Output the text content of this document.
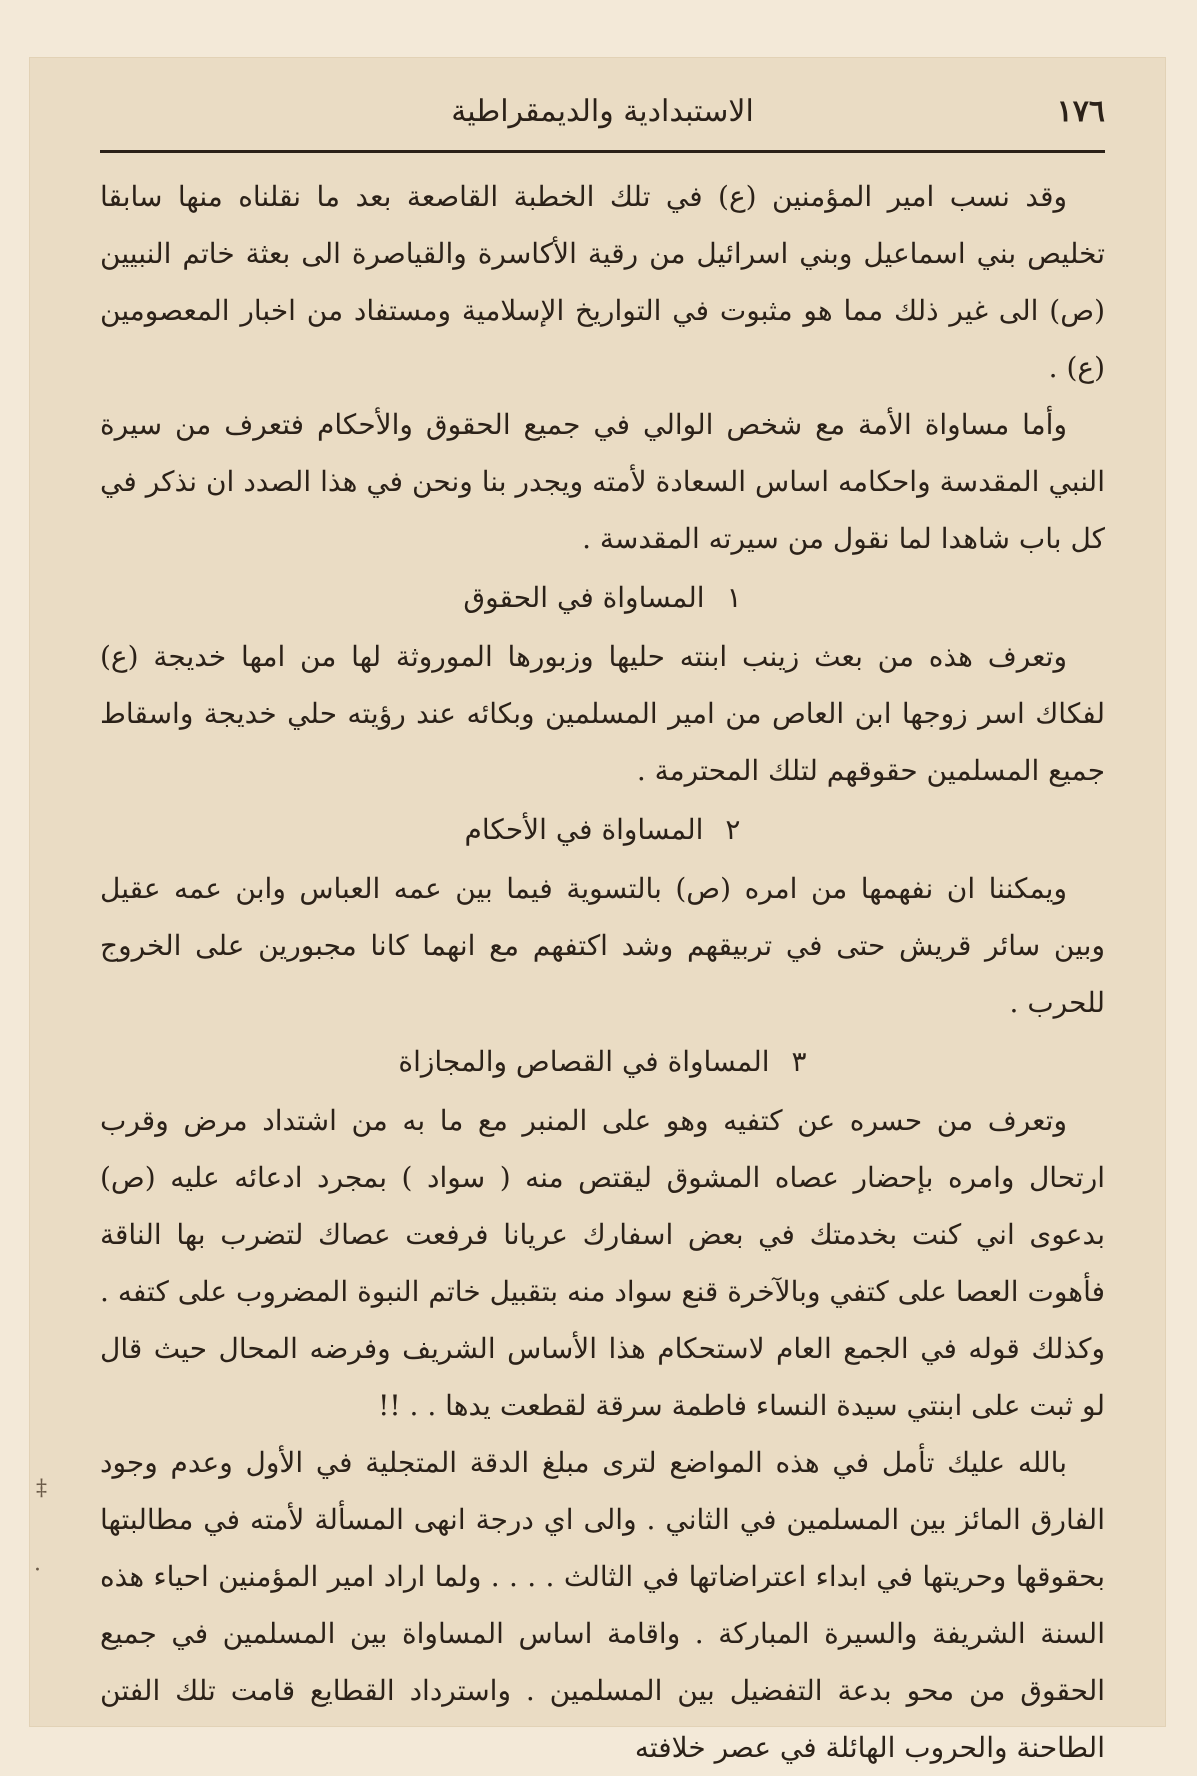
١٧٦
الاستبدادية والديمقراطية

وقد نسب امير المؤمنين (ع) في تلك الخطبة القاصعة بعد ما نقلناه منها سابقا تخليص بني اسماعيل وبني اسرائيل من رقية الأكاسرة والقياصرة الى بعثة خاتم النبيين (ص) الى غير ذلك مما هو مثبوت في التواريخ الإسلامية ومستفاد من اخبار المعصومين (ع) .

وأما مساواة الأمة مع شخص الوالي في جميع الحقوق والأحكام فتعرف من سيرة النبي المقدسة واحكامه اساس السعادة لأمته ويجدر بنا ونحن في هذا الصدد ان نذكر في كل باب شاهدا لما نقول من سيرته المقدسة .

١المساواة في الحقوق

وتعرف هذه من بعث زينب ابنته حليها وزبورها الموروثة لها من امها خديجة (ع) لفكاك اسر زوجها ابن العاص من امير المسلمين وبكائه عند رؤيته حلي خديجة واسقاط جميع المسلمين حقوقهم لتلك المحترمة .

٢المساواة في الأحكام

ويمكننا ان نفهمها من امره (ص) بالتسوية فيما بين عمه العباس وابن عمه عقيل وبين سائر قريش حتى في تربيقهم وشد اكتفهم مع انهما كانا مجبورين على الخروج للحرب .

٣المساواة في القصاص والمجازاة

وتعرف من حسره عن كتفيه وهو على المنبر مع ما به من اشتداد مرض وقرب ارتحال وامره بإحضار عصاه المشوق ليقتص منه ( سواد ) بمجرد ادعائه عليه (ص) بدعوى اني كنت بخدمتك في بعض اسفارك عريانا فرفعت عصاك لتضرب بها الناقة فأهوت العصا على كتفي وبالآخرة قنع سواد منه بتقبيل خاتم النبوة المضروب على كتفه . وكذلك قوله في الجمع العام لاستحكام هذا الأساس الشريف وفرضه المحال حيث قال لو ثبت على ابنتي سيدة النساء فاطمة سرقة لقطعت يدها . . !!

بالله عليك تأمل في هذه المواضع لترى مبلغ الدقة المتجلية في الأول وعدم وجود الفارق المائز بين المسلمين في الثاني . والى اي درجة انهى المسألة لأمته في مطالبتها بحقوقها وحريتها في ابداء اعتراضاتها في الثالث . . . . ولما اراد امير المؤمنين احياء هذه السنة الشريفة والسيرة المباركة . واقامة اساس المساواة بين المسلمين في جميع الحقوق من محو بدعة التفضيل بين المسلمين . واسترداد القطايع قامت تلك الفتن الطاحنة والحروب الهائلة في عصر خلافته

‡
·
